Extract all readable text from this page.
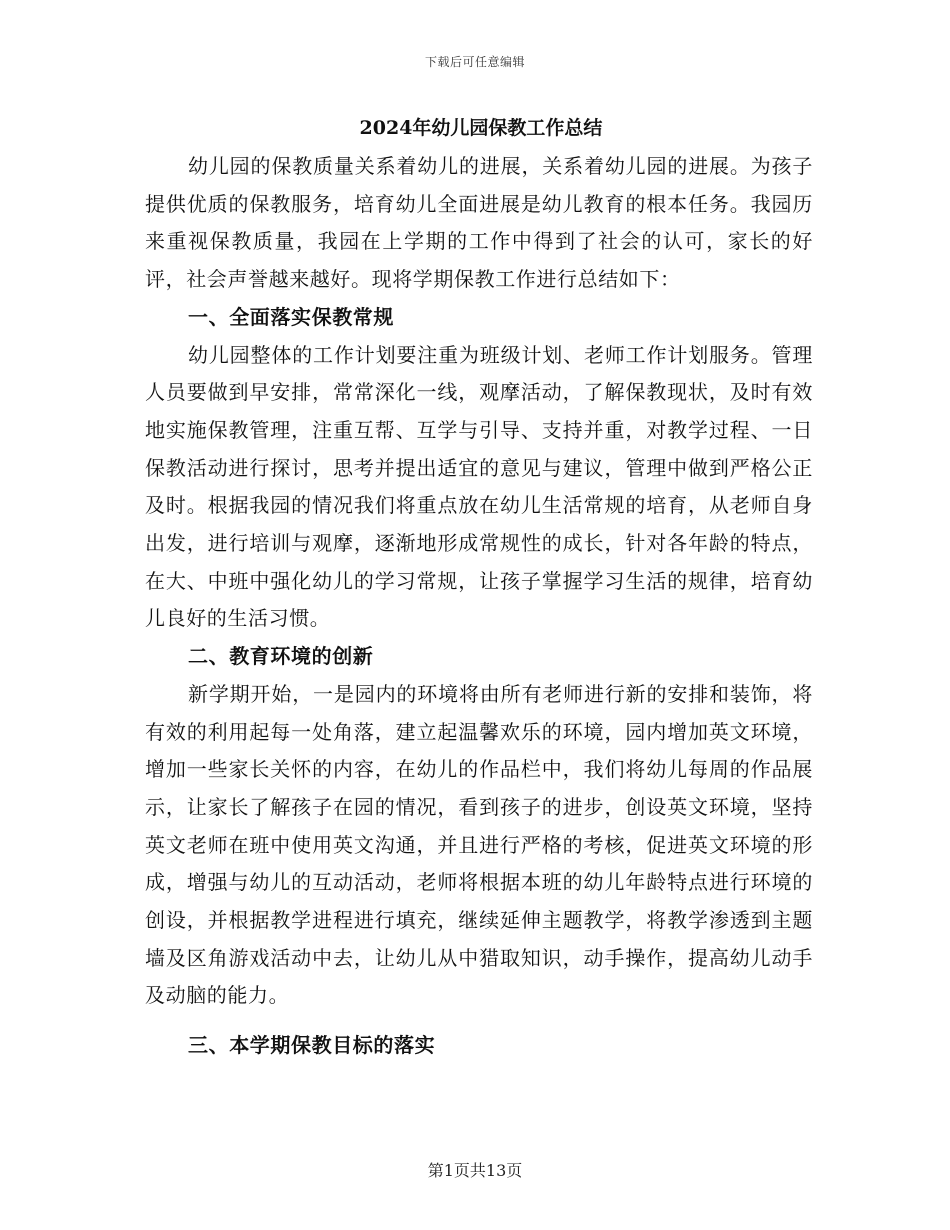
下载后可任意编辑
2024年幼儿园保教工作总结

幼儿园的保教质量关系着幼儿的进展，关系着幼儿园的进展。为孩子提供优质的保教服务，培育幼儿全面进展是幼儿教育的根本任务。我园历来重视保教质量，我园在上学期的工作中得到了社会的认可，家长的好评，社会声誉越来越好。现将学期保教工作进行总结如下：

一、全面落实保教常规

幼儿园整体的工作计划要注重为班级计划、老师工作计划服务。管理人员要做到早安排，常常深化一线，观摩活动，了解保教现状，及时有效地实施保教管理，注重互帮、互学与引导、支持并重，对教学过程、一日保教活动进行探讨，思考并提出适宜的意见与建议，管理中做到严格公正及时。根据我园的情况我们将重点放在幼儿生活常规的培育，从老师自身出发，进行培训与观摩，逐渐地形成常规性的成长，针对各年龄的特点，在大、中班中强化幼儿的学习常规，让孩子掌握学习生活的规律，培育幼儿良好的生活习惯。

二、教育环境的创新

新学期开始，一是园内的环境将由所有老师进行新的安排和装饰，将有效的利用起每一处角落，建立起温馨欢乐的环境，园内增加英文环境，增加一些家长关怀的内容，在幼儿的作品栏中，我们将幼儿每周的作品展示，让家长了解孩子在园的情况，看到孩子的进步，创设英文环境，坚持英文老师在班中使用英文沟通，并且进行严格的考核，促进英文环境的形成，增强与幼儿的互动活动，老师将根据本班的幼儿年龄特点进行环境的创设，并根据教学进程进行填充，继续延伸主题教学，将教学渗透到主题墙及区角游戏活动中去，让幼儿从中猎取知识，动手操作，提高幼儿动手及动脑的能力。

三、本学期保教目标的落实

第1页共13页
